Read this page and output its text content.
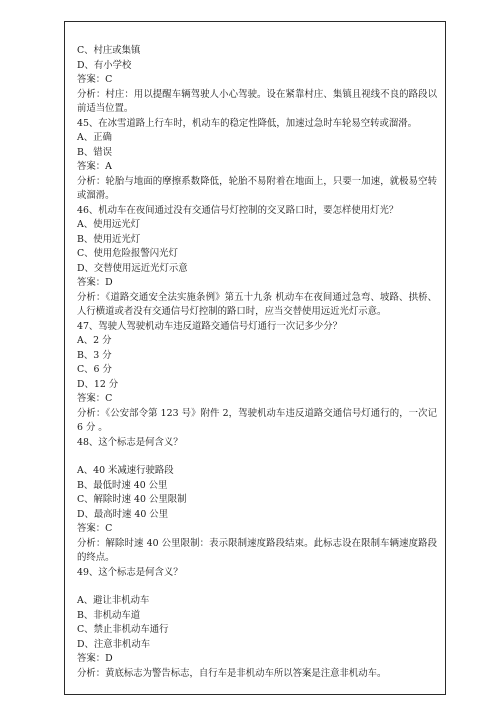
C、村庄或集镇
D、有小学校
答案：C
分析：村庄：用以提醒车辆驾驶人小心驾驶。设在紧靠村庄、集镇且视线不良的路段以前适当位置。
45、在冰雪道路上行车时，机动车的稳定性降低，加速过急时车轮易空转或溜滑。
A、正确
B、错误
答案：A
分析：轮胎与地面的摩擦系数降低，轮胎不易附着在地面上，只要一加速，就极易空转或溜滑。
46、机动车在夜间通过没有交通信号灯控制的交叉路口时，要怎样使用灯光？
A、使用远光灯
B、使用近光灯
C、使用危险报警闪光灯
D、交替使用远近光灯示意
答案：D
分析：《道路交通安全法实施条例》第五十九条 机动车在夜间通过急弯、坡路、拱桥、人行横道或者没有交通信号灯控制的路口时，应当交替使用远近光灯示意。
47、驾驶人驾驶机动车违反道路交通信号灯通行一次记多少分？
A、2 分
B、3 分
C、6 分
D、12 分
答案：C
分析：《公安部令第 123 号》附件 2，驾驶机动车违反道路交通信号灯通行的，一次记 6 分 。
48、这个标志是何含义？
A、40 米减速行驶路段
B、最低时速 40 公里
C、解除时速 40 公里限制
D、最高时速 40 公里
答案：C
分析：解除时速 40 公里限制：表示限制速度路段结束。此标志设在限制车辆速度路段的终点。
49、这个标志是何含义？
A、避让非机动车
B、非机动车道
C、禁止非机动车通行
D、注意非机动车
答案：D
分析：黄底标志为警告标志，自行车是非机动车所以答案是注意非机动车。
